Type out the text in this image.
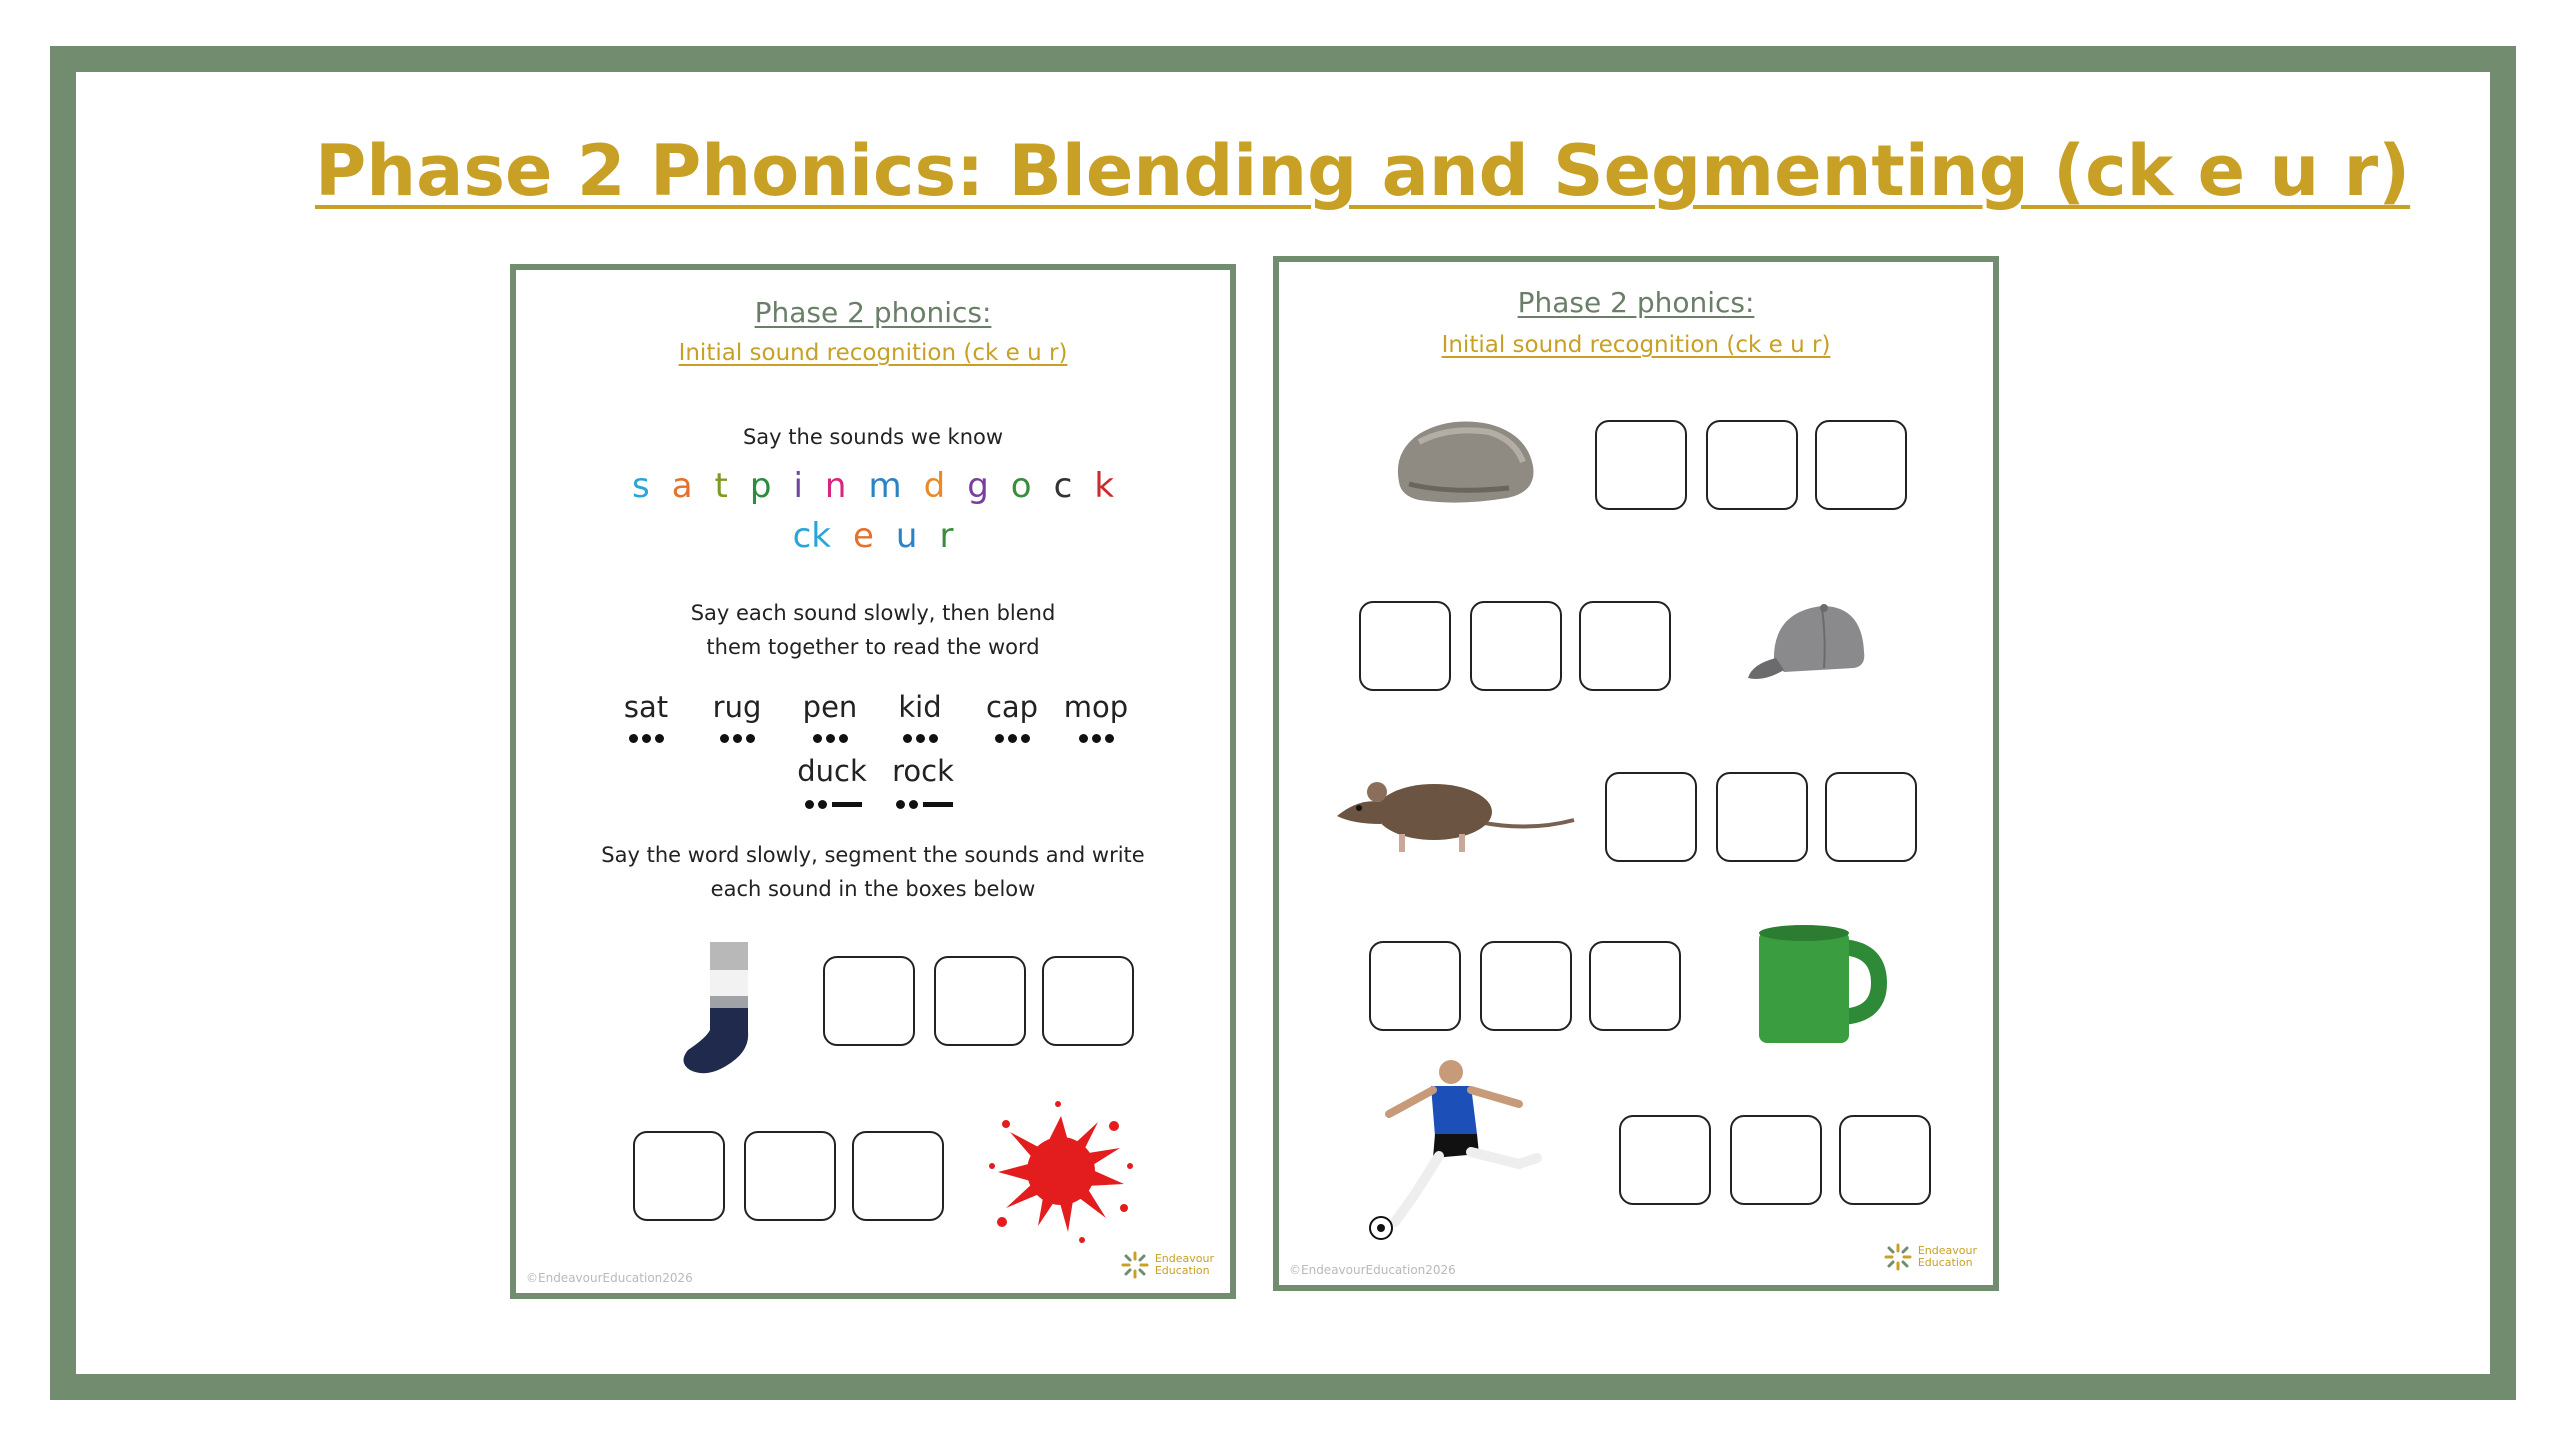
Phase 2 Phonics: Blending and Segmenting (ck e u r)
Phase 2 phonics:
Initial sound recognition (ck e u r)
Say the sounds we know
s a t p i n m d g o c k
ck e u r
Say each sound slowly, then blend
them together to read the word
sat	rug	pen	kid	cap mop
duck rock
Say the word slowly, segment the sounds and write
each sound in the boxes below
©EndeavourEducation2026
Endeavour
Education
Phase 2 phonics:
Initial sound recognition (ck e u r)
©EndeavourEducation2026
Endeavour
Education
